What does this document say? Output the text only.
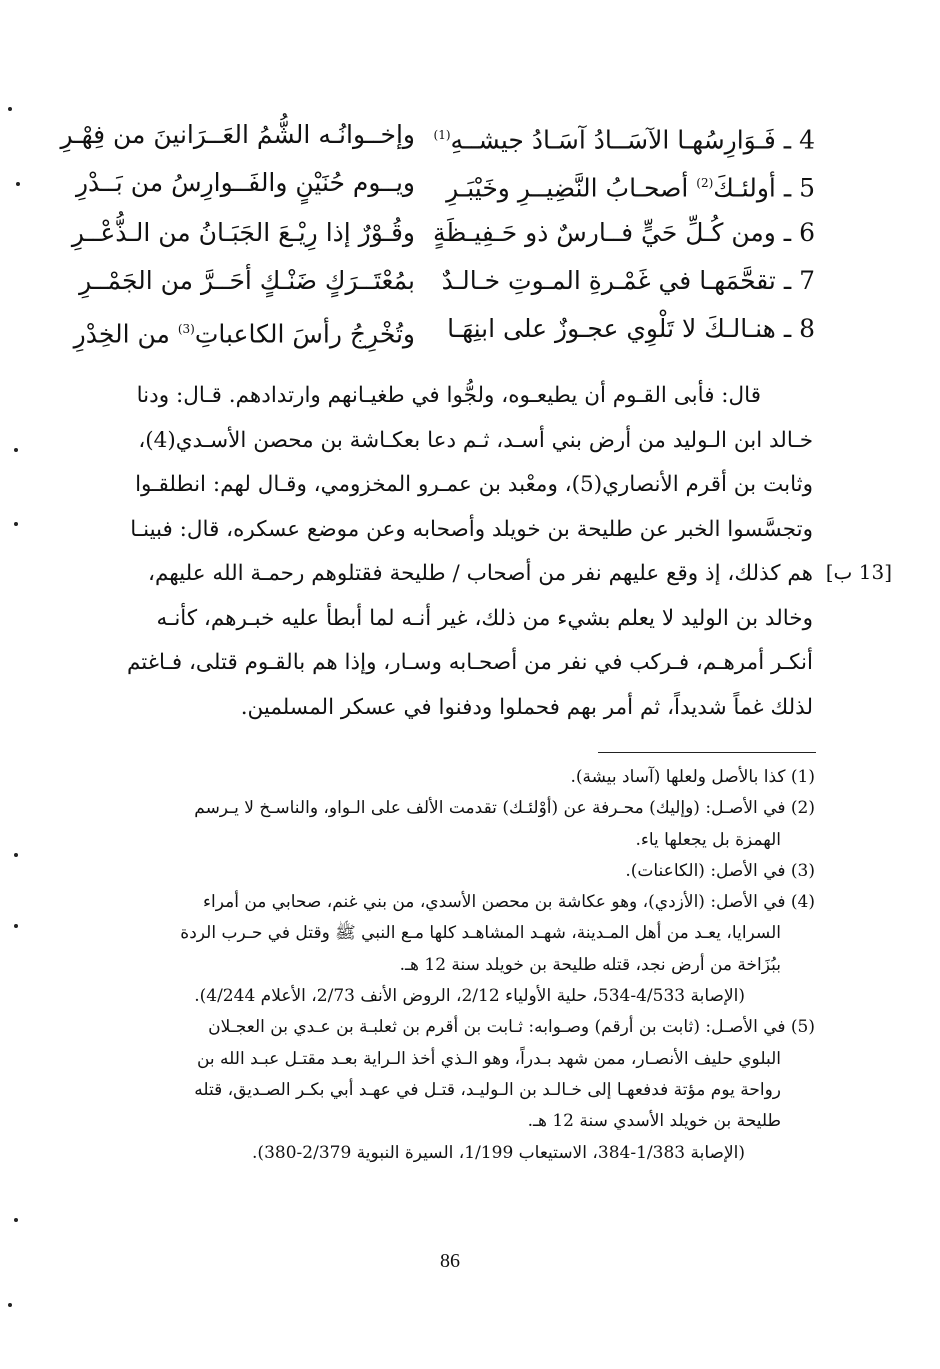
4 ـ فَـوَارِسُهـا الآسَــادُ آسَـادُ جيشــهِ$^{(1)}$
وإخــوانُـه الشُّمُ العَــرَانينَ من فِهْـرِ
5 ـ أولئـكَ$^{(2)}$ أصحـابُ النَّضِيــرِ وخَيْبَـرِ
ويــوم حُنَيْنٍ والفَــوارِسُ من بَــدْرِ
6 ـ ومن كُـلِّ حَيٍّ فــارسٌ ذو حَـفِيـظَةٍ
وقُـوْرٌ إذا رِيْـعَ الجَبَـانُ من الـذُّعْــرِ
7 ـ تقحَّمَهـا في غَمْـرةِ المـوتِ خـالـدٌ
بمُعْتَــرَكٍ ضَنْـكٍ أحَــرَّ من الجَمْــرِ
8 ـ هنـالـكَ لا تَلْوِي عجـوزٌ على ابنِهَـا
وتُخْرِجُ رأسَ الكاعباتِ$^{(3)}$ من الخِدْرِ
قال: فأبى القـوم أن يطيعـوه، ولجُّوا في طغيـانهم وارتدادهم. قـال: ودنا
خـالد ابن الـوليد من أرض بني أسـد، ثـم دعا بعكـاشة بن محصن الأسـدي(4)،
وثابت بن أقرم الأنصاري(5)، ومعْبد بن عمـرو المخزومي، وقـال لهم: انطلقـوا
وتجسَّسوا الخبر عن طليحة بن خويلد وأصحابه وعن موضع عسكره، قال: فبينـا
هم كذلك، إذ وقع عليهم نفر من أصحاب / طليحة فقتلوهم رحمـة الله عليهم،
وخالد بن الوليد لا يعلم بشيء من ذلك، غير أنـه لما أبطأ عليه خبـرهم، كأنـه
أنكـر أمرهـم، فـركب في نفر من أصحـابه وسـار، وإذا هم بالقـوم قتلى، فـاغتم
لذلك غماً شديداً، ثم أمر بهم فحملوا ودفنوا في عسكر المسلمين.
[13 ب]
(1) كذا بالأصل ولعلها (آساد بيشة).
(2) في الأصـل: (وإليك) محـرفة عن (أوْلئـك) تقدمت الألف على الـواو، والناسـخ لا يـرسم
الهمزة بل يجعلها ياء.
(3) في الأصل: (الكاعنات).
(4) في الأصل: (الأزدي)، وهو عكاشة بن محصن الأسدي، من بني غنم، صحابي من أمراء
السرايا، يعـد من أهل المـدينة، شهـد المشاهـد كلها مـع النبي ﷺ وقتل في حـرب الردة
ببُزَاخة من أرض نجد، قتله طليحة بن خويلد سنة 12 هـ.
(الإصابة 4/533-534، حلية الأولياء 2/12، الروض الأنف 2/73، الأعلام 4/244).
(5) في الأصـل: (ثابت بن أرقم) وصـوابه: ثـابت بن أقرم بن ثعلبـة بن عـدي بن العجـلان
البلوي حليف الأنصـار، ممن شهد بـدراً، وهو الـذي أخذ الـراية بعـد مقتـل عبـد الله بن
رواحة يوم مؤتة فدفعهـا إلى خـالـد بن الـوليـد، قتـل في عهـد أبي بكـر الصـديق، قتله
طليحة بن خويلد الأسدي سنة 12 هـ.
(الإصابة 1/383-384، الاستيعاب 1/199، السيرة النبوية 2/379-380).
86
